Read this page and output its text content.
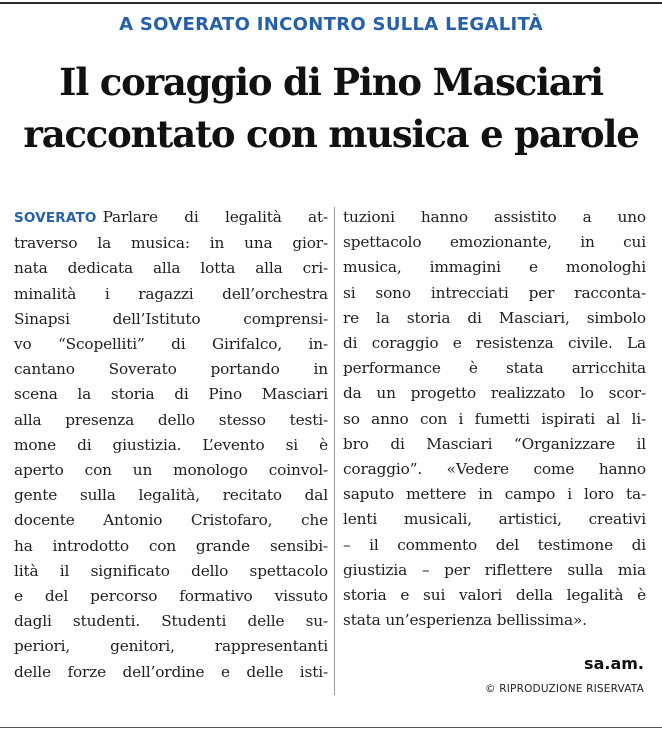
A SOVERATO INCONTRO SULLA LEGALITÀ
Il coraggio di Pino Masciari
raccontato con musica e parole
SOVERATO Parlare di legalità at-
traverso la musica: in una gior-
nata dedicata alla lotta alla cri-
minalità i ragazzi dell’orchestra
Sinapsi dell’Istituto comprensi-
vo “Scopelliti” di Girifalco, in-
cantano Soverato portando in
scena la storia di Pino Masciari
alla presenza dello stesso testi-
mone di giustizia. L’evento si è
aperto con un monologo coinvol-
gente sulla legalità, recitato dal
docente Antonio Cristofaro, che
ha introdotto con grande sensibi-
lità il significato dello spettacolo
e del percorso formativo vissuto
dagli studenti. Studenti delle su-
periori, genitori, rappresentanti
delle forze dell’ordine e delle isti-
tuzioni hanno assistito a uno
spettacolo emozionante, in cui
musica, immagini e monologhi
si sono intrecciati per racconta-
re la storia di Masciari, simbolo
di coraggio e resistenza civile. La
performance è stata arricchita
da un progetto realizzato lo scor-
so anno con i fumetti ispirati al li-
bro di Masciari “Organizzare il
coraggio”. «Vedere come hanno
saputo mettere in campo i loro ta-
lenti musicali, artistici, creativi
– il commento del testimone di
giustizia – per riflettere sulla mia
storia e sui valori della legalità è
stata un’esperienza bellissima».
sa.am.
© RIPRODUZIONE RISERVATA
